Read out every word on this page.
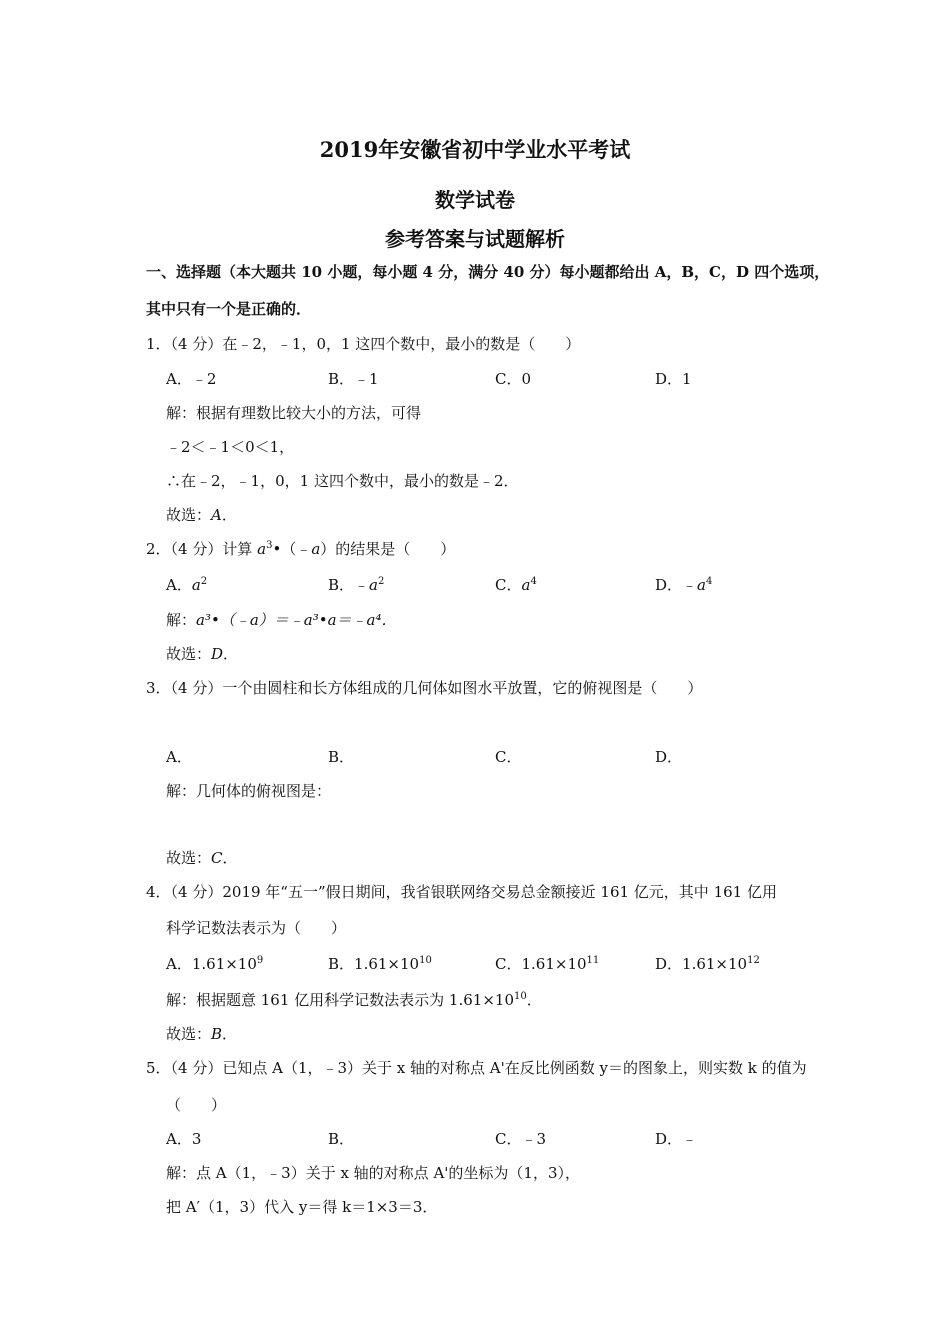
2019年安徽省初中学业水平考试
数学试卷
参考答案与试题解析
一、选择题（本大题共 10 小题，每小题 4 分，满分 40 分）每小题都给出 A，B，C，D 四个选项，
其中只有一个是正确的．
1．（4 分）在﹣2，﹣1，0，1 这四个数中，最小的数是（　　）
A．﹣2	B．﹣1	C．0	D．1
解：根据有理数比较大小的方法，可得
﹣2＜﹣1＜0＜1，
∴在﹣2，﹣1，0，1 这四个数中，最小的数是﹣2．
故选：A．
2．（4 分）计算 $a^3•(﹣a)$的结果是（　　）
A．$a^2$	B．$﹣a^2$	C．$a^4$	D．$﹣a^4$
解：a³•（﹣a）＝﹣a³•a＝﹣a⁴．
故选：D．
3．（4 分）一个由圆柱和长方体组成的几何体如图水平放置，它的俯视图是（　　）
A．	B．	C．	D．
解：几何体的俯视图是：
故选：C．
4．（4 分）2019 年“五一”假日期间，我省银联网络交易总金额接近 161 亿元，其中 161 亿用
科学记数法表示为（　　）
A．$1.61\times 10^9$	B．$1.61\times 10^{10}$	C．$1.61\times 10^{11}$	D．$1.61\times 10^{12}$
解：根据题意 161 亿用科学记数法表示为 $1.61\times 10^{10}$．
故选：B．
5．（4 分）已知点 A（1，﹣3）关于 x 轴的对称点 A'在反比例函数 y＝的图象上，则实数 k 的值为
（　　）
A．3	B．	C．﹣3	D．﹣
解：点 A（1，﹣3）关于 x 轴的对称点 A'的坐标为（1，3），
把 A′（1，3）代入 y＝得 k＝1×3＝3．
